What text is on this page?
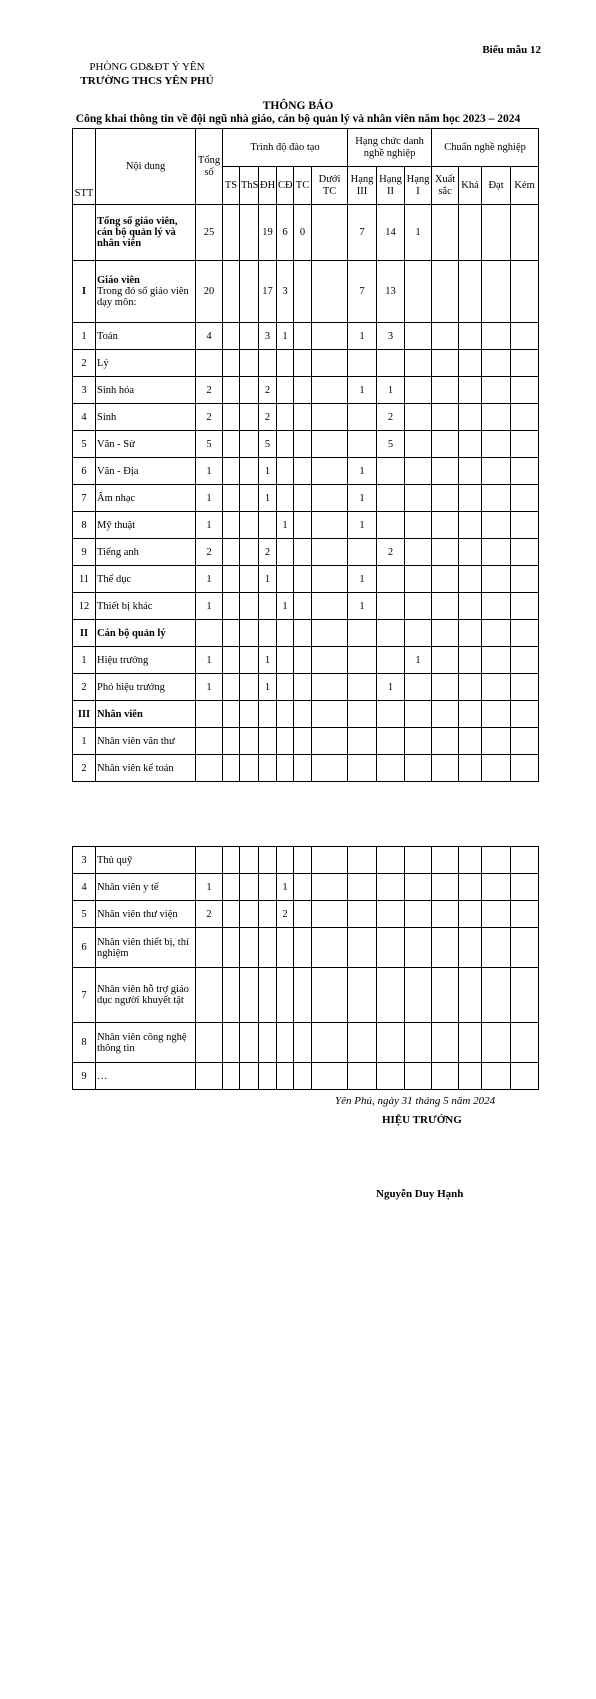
Biểu mẫu 12
PHÒNG GD&ĐT Ý YÊN
TRƯỜNG THCS YÊN PHÚ
THÔNG BÁO
Công khai thông tin về đội ngũ nhà giáo, cán bộ quản lý và nhân viên năm học 2023 – 2024
STT	Nội dung	Tổng số	Trình độ đào tạo						Hạng chức danh nghề nghiệp			Chuẩn nghề nghiệp			
			TS	ThS	ĐH	CĐ	TC	Dưới TC	Hạng III	Hạng II	Hạng I	Xuất sắc	Khá	Đạt	Kém

	Tổng số giáo viên, cán bộ quản lý và nhân viên	25			19	6	0		7	14	1				
I	Giáo viên
Trong đó số giáo viên dạy môn:	20			17	3			7	13					
1	Toán	4			3	1			1	3					
2	Lý														

3	Sinh hóa	2			2				1	1					
4	Sinh	2			2					2					
5	Văn - Sử	5			5					5					
6	Văn - Địa	1			1				1						
7	Âm nhạc	1			1				1						
8	Mỹ thuật	1				1			1						
9	Tiếng anh	2			2					2					
11	Thể dục	1			1				1						
12	Thiết bị khác	1				1			1						
II	Cán bộ quản lý														

1	Hiệu trưởng	1			1						1				
2	Phó hiệu trưởng	1			1					1					
III	Nhân viên														

1	Nhân viên văn thư														

2	Nhân viên kế toán														

3	Thủ quỹ														

4	Nhân viên y tế	1				1									
5	Nhân viên thư viện	2				2									
6	Nhân viên thiết bị, thí nghiệm														

7	Nhân viên hỗ trợ giáo dục người khuyết tật														

8	Nhân viên công nghệ thông tin														

9	…														

Yên Phú, ngày 31 tháng 5 năm 2024
HIỆU TRƯỞNG
Nguyễn Duy Hạnh
